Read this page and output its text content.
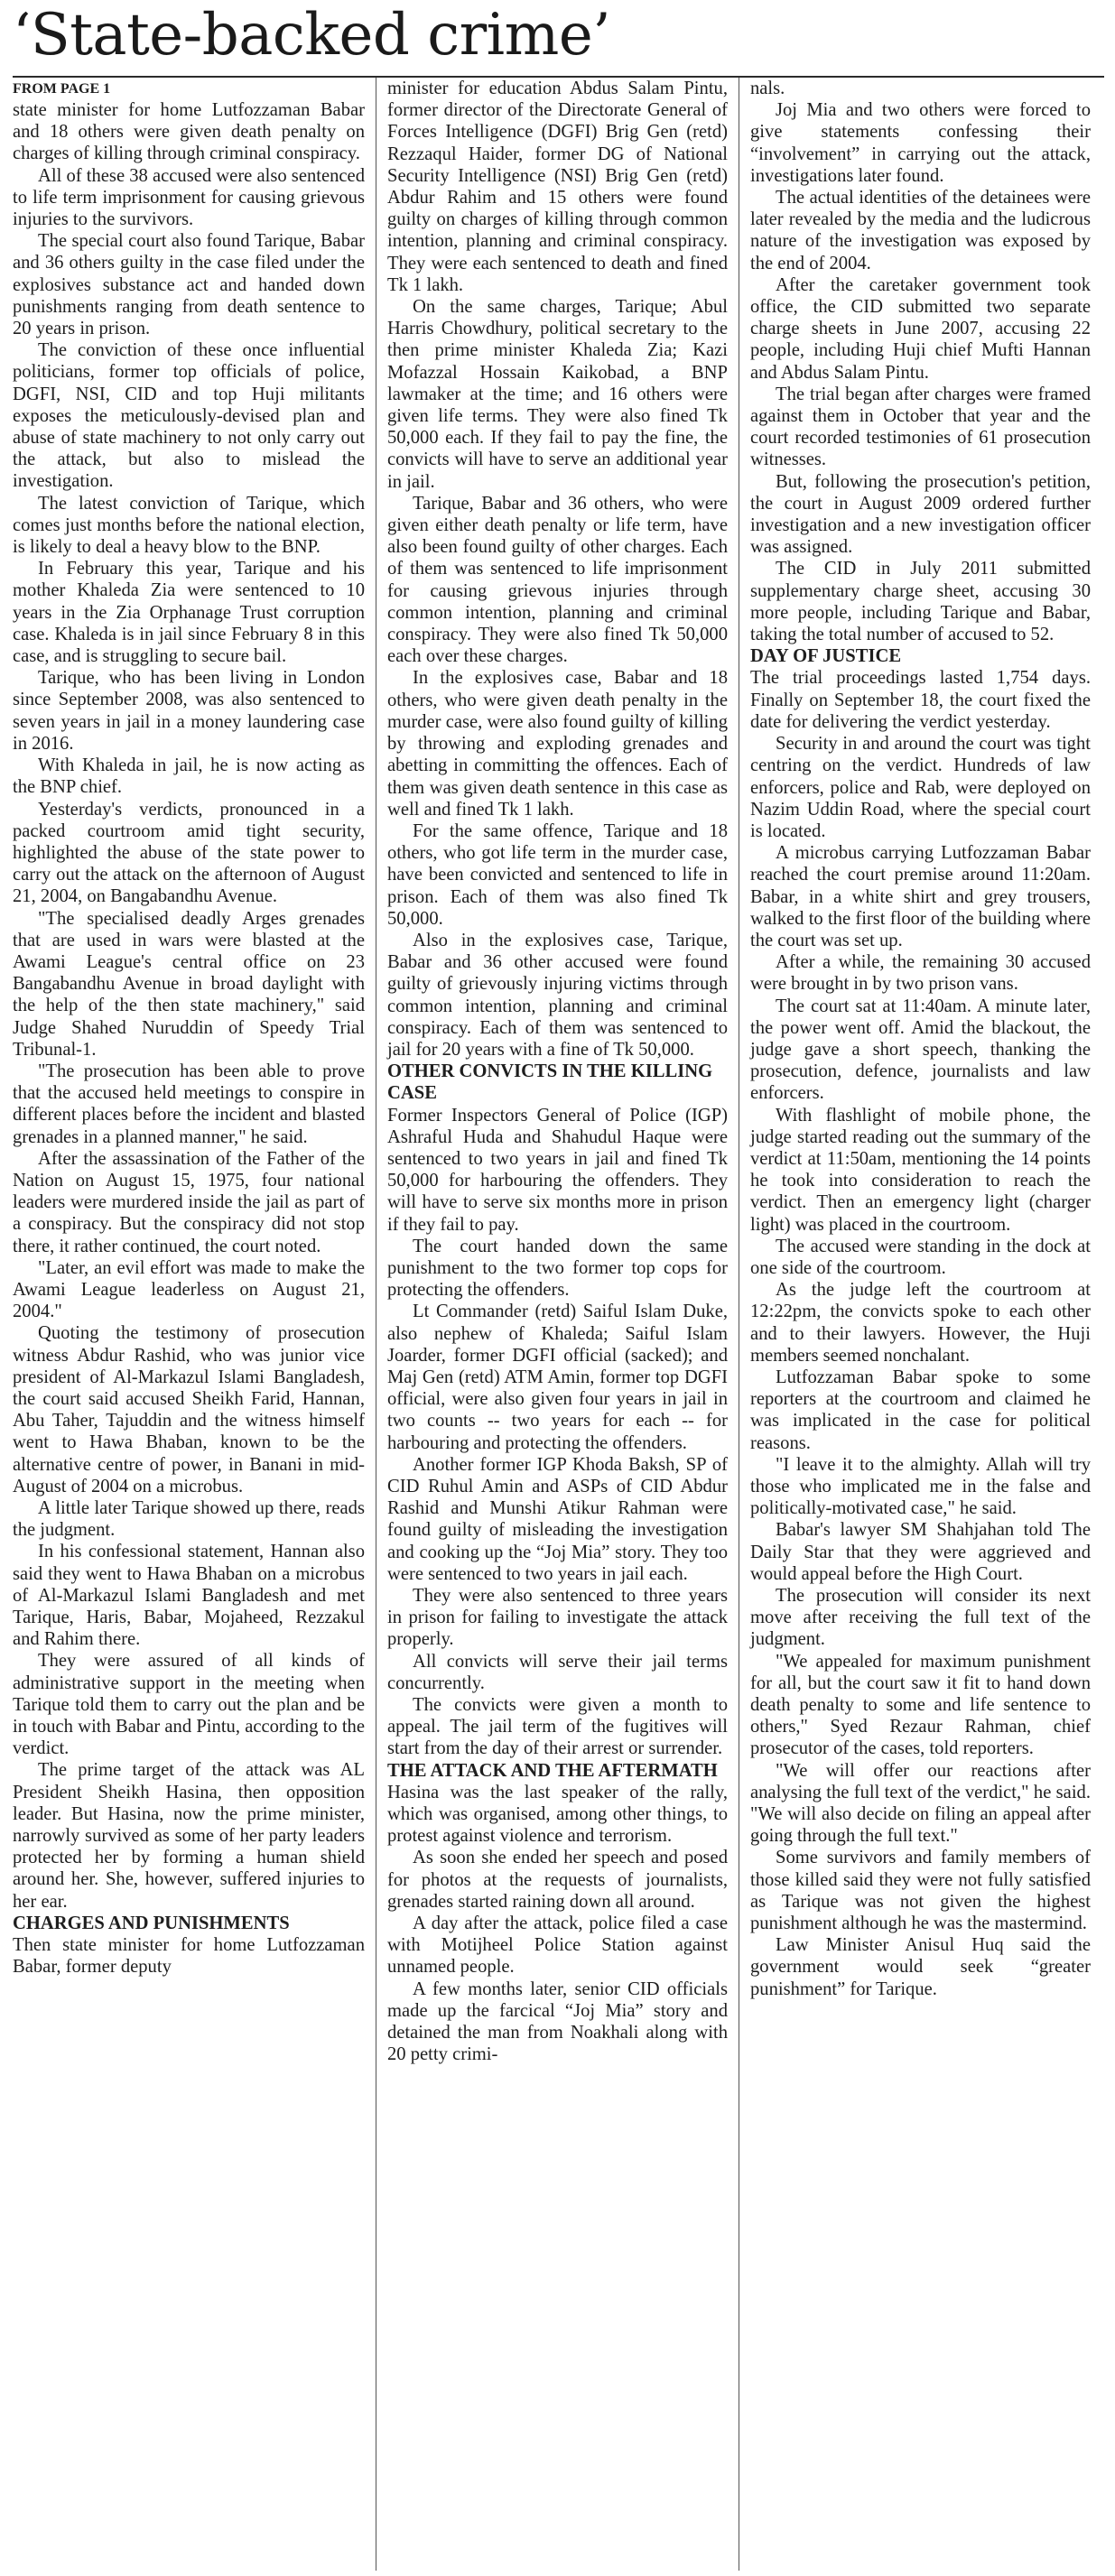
‘State-backed crime’
FROM PAGE 1

state minister for home Lutfozzaman Babar and 18 others were given death penalty on charges of killing through criminal conspiracy.

All of these 38 accused were also sentenced to life term imprisonment for causing grievous injuries to the survivors.

The special court also found Tarique, Babar and 36 others guilty in the case filed under the explosives substance act and handed down punishments ranging from death sentence to 20 years in prison.

The conviction of these once influential politicians, former top officials of police, DGFI, NSI, CID and top Huji militants exposes the meticulously-devised plan and abuse of state machinery to not only carry out the attack, but also to mislead the investigation.

The latest conviction of Tarique, which comes just months before the national election, is likely to deal a heavy blow to the BNP.

In February this year, Tarique and his mother Khaleda Zia were sentenced to 10 years in the Zia Orphanage Trust corruption case. Khaleda is in jail since February 8 in this case, and is struggling to secure bail.

Tarique, who has been living in London since September 2008, was also sentenced to seven years in jail in a money laundering case in 2016.

With Khaleda in jail, he is now acting as the BNP chief.

Yesterday's verdicts, pronounced in a packed courtroom amid tight security, highlighted the abuse of the state power to carry out the attack on the afternoon of August 21, 2004, on Bangabandhu Avenue.

"The specialised deadly Arges grenades that are used in wars were blasted at the Awami League's central office on 23 Bangabandhu Avenue in broad daylight with the help of the then state machinery," said Judge Shahed Nuruddin of Speedy Trial Tribunal-1.

"The prosecution has been able to prove that the accused held meetings to conspire in different places before the incident and blasted grenades in a planned manner," he said.

After the assassination of the Father of the Nation on August 15, 1975, four national leaders were murdered inside the jail as part of a conspiracy. But the conspiracy did not stop there, it rather continued, the court noted.

"Later, an evil effort was made to make the Awami League leaderless on August 21, 2004."

Quoting the testimony of prosecution witness Abdur Rashid, who was junior vice president of Al-Markazul Islami Bangladesh, the court said accused Sheikh Farid, Hannan, Abu Taher, Tajuddin and the witness himself went to Hawa Bhaban, known to be the alternative centre of power, in Banani in mid-August of 2004 on a microbus.

A little later Tarique showed up there, reads the judgment.

In his confessional statement, Hannan also said they went to Hawa Bhaban on a microbus of Al-Markazul Islami Bangladesh and met Tarique, Haris, Babar, Mojaheed, Rezzakul and Rahim there.

They were assured of all kinds of administrative support in the meeting when Tarique told them to carry out the plan and be in touch with Babar and Pintu, according to the verdict.

The prime target of the attack was AL President Sheikh Hasina, then opposition leader. But Hasina, now the prime minister, narrowly survived as some of her party leaders protected her by forming a human shield around her. She, however, suffered injuries to her ear.

CHARGES AND PUNISHMENTS

Then state minister for home Lutfozzaman Babar, former deputy

minister for education Abdus Salam Pintu, former director of the Directorate General of Forces Intelligence (DGFI) Brig Gen (retd) Rezzaqul Haider, former DG of National Security Intelligence (NSI) Brig Gen (retd) Abdur Rahim and 15 others were found guilty on charges of killing through common intention, planning and criminal conspiracy. They were each sentenced to death and fined Tk 1 lakh.

On the same charges, Tarique; Abul Harris Chowdhury, political secretary to the then prime minister Khaleda Zia; Kazi Mofazzal Hossain Kaikobad, a BNP lawmaker at the time; and 16 others were given life terms. They were also fined Tk 50,000 each. If they fail to pay the fine, the convicts will have to serve an additional year in jail.

Tarique, Babar and 36 others, who were given either death penalty or life term, have also been found guilty of other charges. Each of them was sentenced to life imprisonment for causing grievous injuries through common intention, planning and criminal conspiracy. They were also fined Tk 50,000 each over these charges.

In the explosives case, Babar and 18 others, who were given death penalty in the murder case, were also found guilty of killing by throwing and exploding grenades and abetting in committing the offences. Each of them was given death sentence in this case as well and fined Tk 1 lakh.

For the same offence, Tarique and 18 others, who got life term in the murder case, have been convicted and sentenced to life in prison. Each of them was also fined Tk 50,000.

Also in the explosives case, Tarique, Babar and 36 other accused were found guilty of grievously injuring victims through common intention, planning and criminal conspiracy. Each of them was sentenced to jail for 20 years with a fine of Tk 50,000.

OTHER CONVICTS IN THE KILLING CASE

Former Inspectors General of Police (IGP) Ashraful Huda and Shahudul Haque were sentenced to two years in jail and fined Tk 50,000 for harbouring the offenders. They will have to serve six months more in prison if they fail to pay.

The court handed down the same punishment to the two former top cops for protecting the offenders.

Lt Commander (retd) Saiful Islam Duke, also nephew of Khaleda; Saiful Islam Joarder, former DGFI official (sacked); and Maj Gen (retd) ATM Amin, former top DGFI official, were also given four years in jail in two counts -- two years for each -- for harbouring and protecting the offenders.

Another former IGP Khoda Baksh, SP of CID Ruhul Amin and ASPs of CID Abdur Rashid and Munshi Atikur Rahman were found guilty of misleading the investigation and cooking up the “Joj Mia” story. They too were sentenced to two years in jail each.

They were also sentenced to three years in prison for failing to investigate the attack properly.

All convicts will serve their jail terms concurrently.

The convicts were given a month to appeal. The jail term of the fugitives will start from the day of their arrest or surrender.

THE ATTACK AND THE AFTERMATH

Hasina was the last speaker of the rally, which was organised, among other things, to protest against violence and terrorism.

As soon she ended her speech and posed for photos at the requests of journalists, grenades started raining down all around.

A day after the attack, police filed a case with Motijheel Police Station against unnamed people.

A few months later, senior CID officials made up the farcical “Joj Mia” story and detained the man from Noakhali along with 20 petty crimi-

nals.

Joj Mia and two others were forced to give statements confessing their “involvement” in carrying out the attack, investigations later found.

The actual identities of the detainees were later revealed by the media and the ludicrous nature of the investigation was exposed by the end of 2004.

After the caretaker government took office, the CID submitted two separate charge sheets in June 2007, accusing 22 people, including Huji chief Mufti Hannan and Abdus Salam Pintu.

The trial began after charges were framed against them in October that year and the court recorded testimonies of 61 prosecution witnesses.

But, following the prosecution's petition, the court in August 2009 ordered further investigation and a new investigation officer was assigned.

The CID in July 2011 submitted supplementary charge sheet, accusing 30 more people, including Tarique and Babar, taking the total number of accused to 52.

DAY OF JUSTICE

The trial proceedings lasted 1,754 days. Finally on September 18, the court fixed the date for delivering the verdict yesterday.

Security in and around the court was tight centring on the verdict. Hundreds of law enforcers, police and Rab, were deployed on Nazim Uddin Road, where the special court is located.

A microbus carrying Lutfozzaman Babar reached the court premise around 11:20am. Babar, in a white shirt and grey trousers, walked to the first floor of the building where the court was set up.

After a while, the remaining 30 accused were brought in by two prison vans.

The court sat at 11:40am. A minute later, the power went off. Amid the blackout, the judge gave a short speech, thanking the prosecution, defence, journalists and law enforcers.

With flashlight of mobile phone, the judge started reading out the summary of the verdict at 11:50am, mentioning the 14 points he took into consideration to reach the verdict. Then an emergency light (charger light) was placed in the courtroom.

The accused were standing in the dock at one side of the courtroom.

As the judge left the courtroom at 12:22pm, the convicts spoke to each other and to their lawyers. However, the Huji members seemed nonchalant.

Lutfozzaman Babar spoke to some reporters at the courtroom and claimed he was implicated in the case for political reasons.

"I leave it to the almighty. Allah will try those who implicated me in the false and politically-motivated case," he said.

Babar's lawyer SM Shahjahan told The Daily Star that they were aggrieved and would appeal before the High Court.

The prosecution will consider its next move after receiving the full text of the judgment.

"We appealed for maximum punishment for all, but the court saw it fit to hand down death penalty to some and life sentence to others," Syed Rezaur Rahman, chief prosecutor of the cases, told reporters.

"We will offer our reactions after analysing the full text of the verdict," he said. "We will also decide on filing an appeal after going through the full text."

Some survivors and family members of those killed said they were not fully satisfied as Tarique was not given the highest punishment although he was the mastermind.

Law Minister Anisul Huq said the government would seek “greater punishment” for Tarique.
